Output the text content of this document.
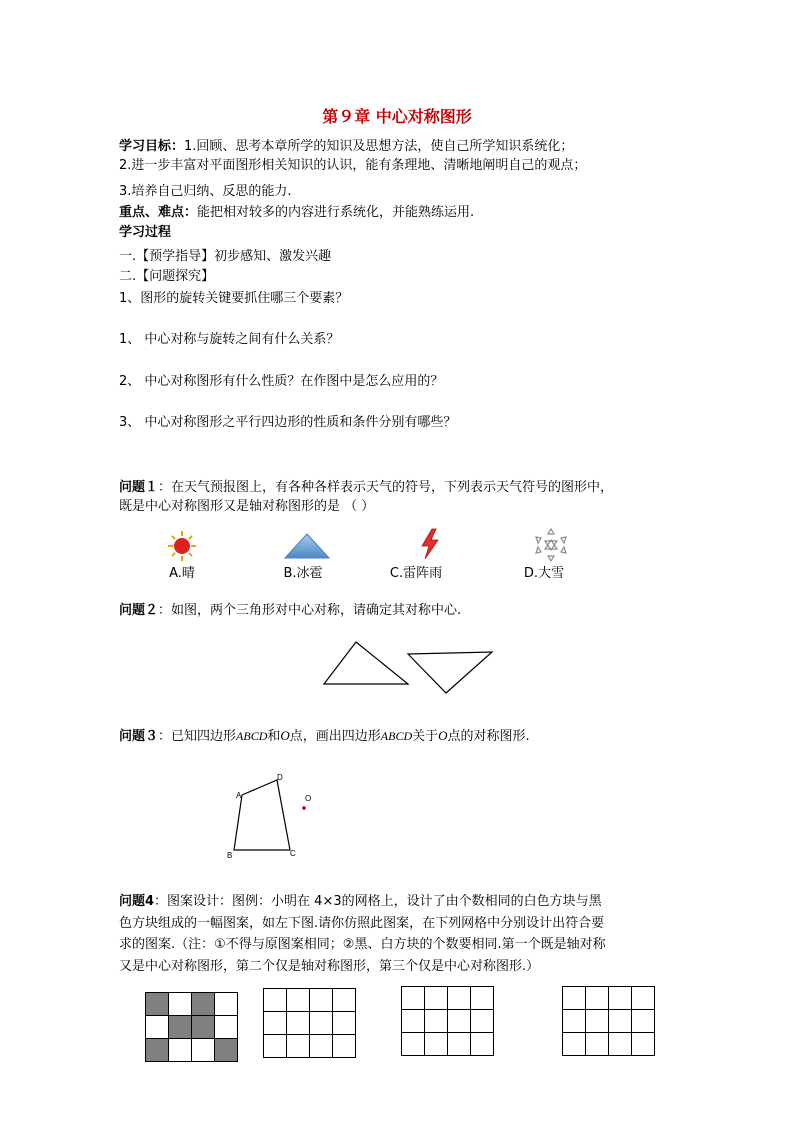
第９章 中心对称图形
学习目标：1.回顾、思考本章所学的知识及思想方法，使自己所学知识系统化；
2.进一步丰富对平面图形相关知识的认识，能有条理地、清晰地阐明自己的观点；
3.培养自己归纳、反思的能力.
重点、难点：能把相对较多的内容进行系统化，并能熟练运用.
学习过程
一.【预学指导】初步感知、激发兴趣
二.【问题探究】
1、图形的旋转关键要抓住哪三个要素？
1、 中心对称与旋转之间有什么关系？
2、 中心对称图形有什么性质？在作图中是怎么应用的？
3、 中心对称图形之平行四边形的性质和条件分别有哪些？
问题１：在天气预报图上，有各种各样表示天气的符号，下列表示天气符号的图形中，
既是中心对称图形又是轴对称图形的是 （ ）
A.晴	B.冰雹	C.雷阵雨	D.大雪
问题２：如图，两个三角形对中心对称，请确定其对称中心.
问题３：已知四边形ABCD和O点，画出四边形ABCD关于O点的对称图形.
A
B	C
D
O
问题4：图案设计：图例：小明在 4×3的网格上，设计了由个数相同的白色方块与黑
色方块组成的一幅图案，如左下图.请你仿照此图案，在下列网格中分别设计出符合要
求的图案.（注：①不得与原图案相同；②黑、白方块的个数要相同.第一个既是轴对称
又是中心对称图形，第二个仅是轴对称图形，第三个仅是中心对称图形.）
